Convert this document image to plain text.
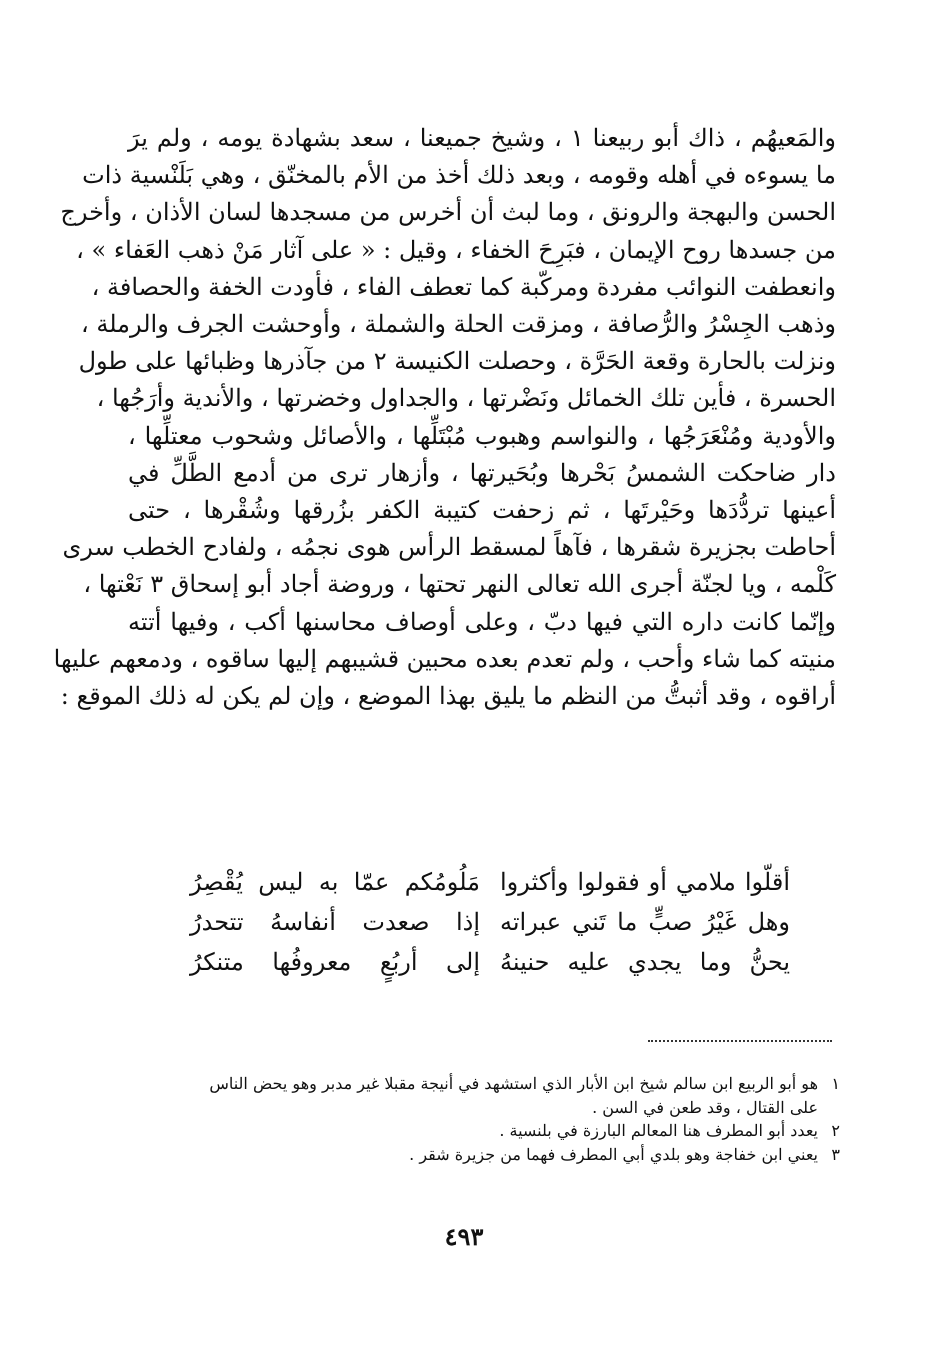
والمَعيهُم ، ذاك أبو ربيعنا ١ ، وشيخ جميعنا ، سعد بشهادة يومه ، ولم يرَ
ما يسوءه في أهله وقومه ، وبعد ذلك أخذ من الأم بالمخنّق ، وهي بَلَنْسية ذات
الحسن والبهجة والرونق ، وما لبث أن أخرس من مسجدها لسان الأذان ، وأخرج
من جسدها روح الإيمان ، فبَرِحَ الخفاء ، وقيل : « على آثار مَنْ ذهب العَفاء » ،
وانعطفت النوائب مفردة ومركّبة كما تعطف الفاء ، فأودت الخفة والحصافة ،
وذهب الجِسْرُ والرُّصافة ، ومزقت الحلة والشملة ، وأوحشت الجرف والرملة ،
ونزلت بالحارة وقعة الحَرَّة ، وحصلت الكنيسة ٢ من جآذرها وظبائها على طول
الحسرة ، فأين تلك الخمائل ونَضْرتها ، والجداول وخضرتها ، والأندية وأرَجُها ،
والأودية ومُنْعَرَجُها ، والنواسم وهبوب مُبْتَلِّها ، والأصائل وشحوب معتلِّها ،
دار ضاحكت الشمسُ بَحْرها وبُحَيرتها ، وأزهار ترى من أدمع الطَّلِّ في
أعينها تردُّدَها وحَيْرتَها ، ثم زحفت كتيبة الكفر بزُرقها وشُقْرها ، حتى
أحاطت بجزيرة شقرها ، فآهاً لمسقط الرأس هوى نجمُه ، ولفادح الخطب سرى
كَلْمه ، ويا لجنّة أجرى الله تعالى النهر تحتها ، وروضة أجاد أبو إسحاق ٣ نَعْتها ،
وإنّما كانت داره التي فيها دبّ ، وعلى أوصاف محاسنها أكب ، وفيها أتته
منيته كما شاء وأحب ، ولم تعدم بعده محبين قشيبهم إليها ساقوه ، ودمعهم عليها
أراقوه ، وقد أثبتُّ من النظم ما يليق بهذا الموضع ، وإن لم يكن له ذلك الموقع :
أقلّوا ملامي أو فقولوا وأكثروا
مَلُومُكم عمّا به ليس يُقْصِرُ
وهل غَيْرُ صبٍّ ما تَني عبراته
إذا صعدت أنفاسهُ تتحدرُ
يحنُّ وما يجدي عليه حنينهُ
إلى أربُعٍ معروفُها متنكرُ
١هو أبو الربيع ابن سالم شيخ ابن الأبار الذي استشهد في أنيجة مقبلا غير مدبر وهو يحض الناس
على القتال ، وقد طعن في السن .
٢يعدد أبو المطرف هنا المعالم البارزة في بلنسية .
٣يعني ابن خفاجة وهو بلدي أبي المطرف فهما من جزيرة شقر .
٤٩٣
